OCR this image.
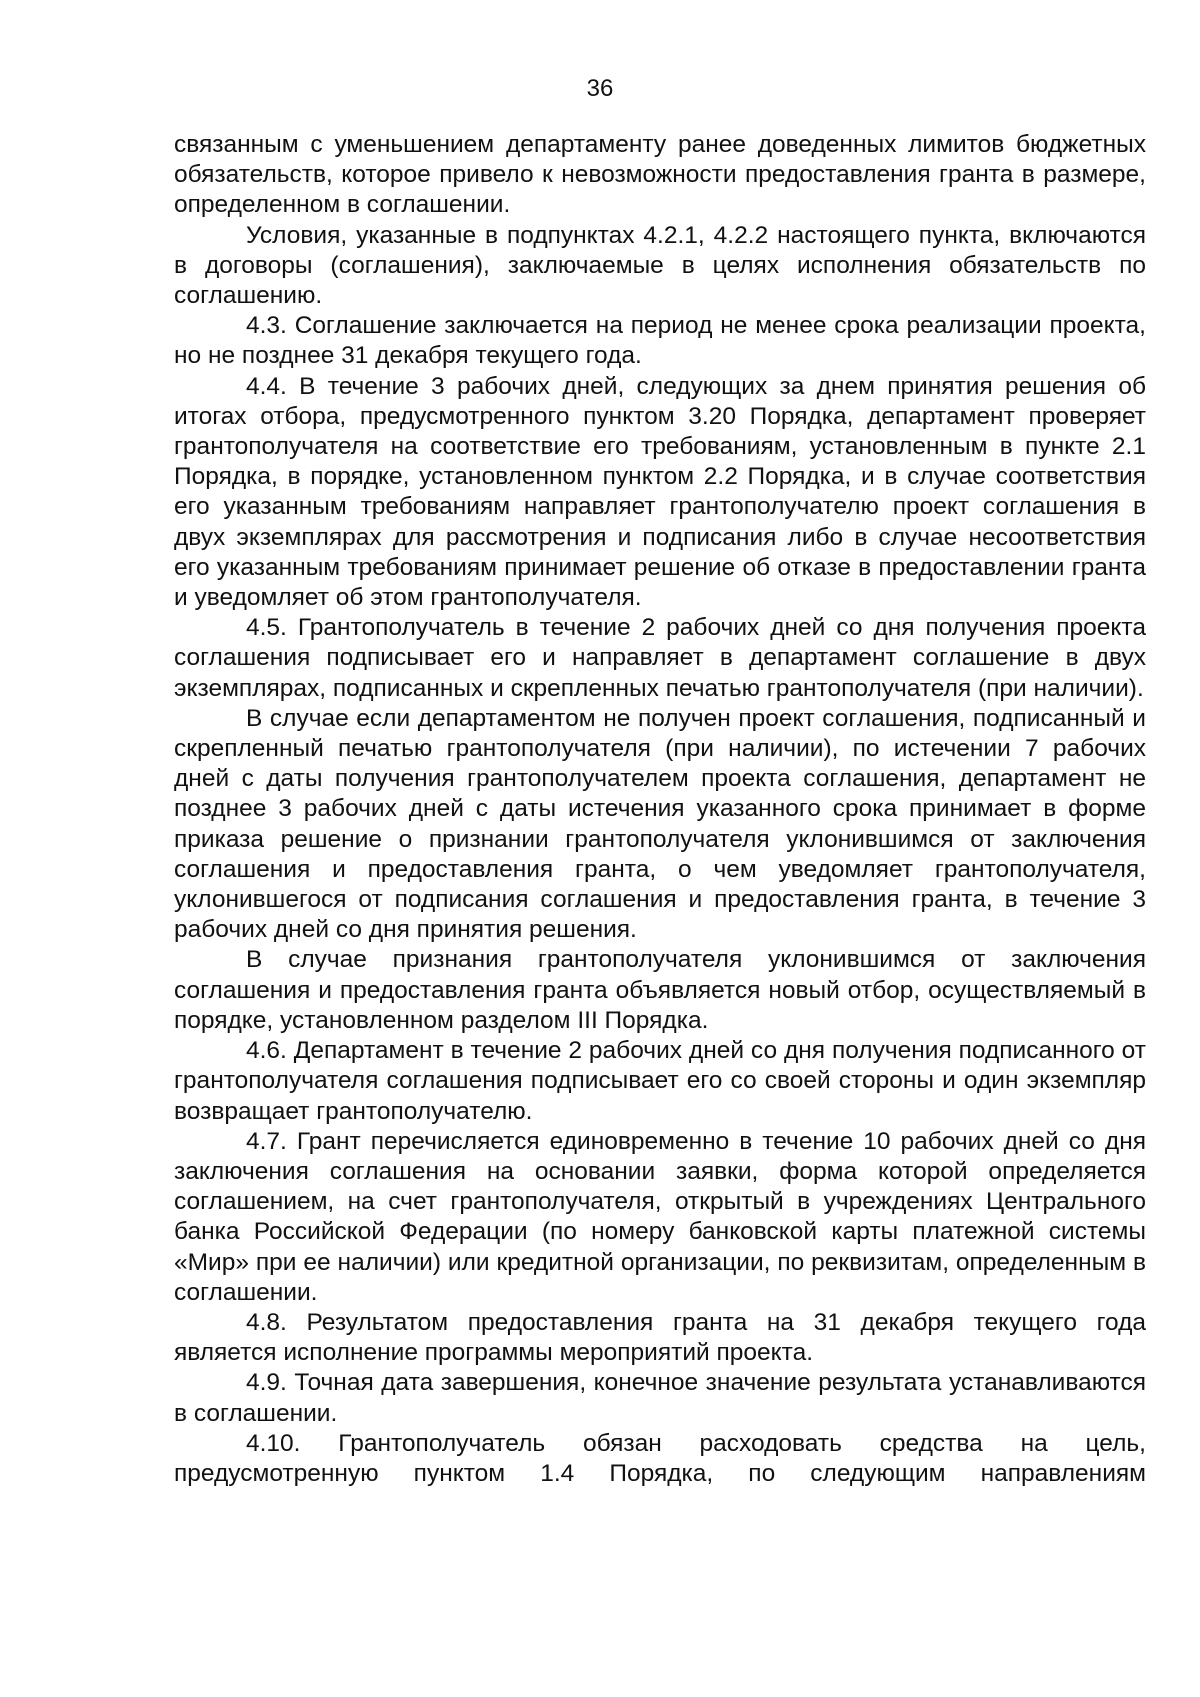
36

связанным с уменьшением департаменту ранее доведенных лимитов бюджетных обязательств, которое привело к невозможности предоставления гранта в размере, определенном в соглашении.

Условия, указанные в подпунктах 4.2.1, 4.2.2 настоящего пункта, включаются в договоры (соглашения), заключаемые в целях исполнения обязательств по соглашению.

4.3. Соглашение заключается на период не менее срока реализации проекта, но не позднее 31 декабря текущего года.

4.4. В течение 3 рабочих дней, следующих за днем принятия решения об итогах отбора, предусмотренного пунктом 3.20 Порядка, департамент проверяет грантополучателя на соответствие его требованиям, установленным в пункте 2.1 Порядка, в порядке, установленном пунктом 2.2 Порядка, и в случае соответствия его указанным требованиям направляет грантополучателю проект соглашения в двух экземплярах для рассмотрения и подписания либо в случае несоответствия его указанным требованиям принимает решение об отказе в предоставлении гранта и уведомляет об этом грантополучателя.

4.5. Грантополучатель в течение 2 рабочих дней со дня получения проекта соглашения подписывает его и направляет в департамент соглашение в двух экземплярах, подписанных и скрепленных печатью грантополучателя (при наличии).

В случае если департаментом не получен проект соглашения, подписанный и скрепленный печатью грантополучателя (при наличии), по истечении 7 рабочих дней с даты получения грантополучателем проекта соглашения, департамент не позднее 3 рабочих дней с даты истечения указанного срока принимает в форме приказа решение о признании грантополучателя уклонившимся от заключения соглашения и предоставления гранта, о чем уведомляет грантополучателя, уклонившегося от подписания соглашения и предоставления гранта, в течение 3 рабочих дней со дня принятия решения.

В случае признания грантополучателя уклонившимся от заключения соглашения и предоставления гранта объявляется новый отбор, осуществляемый в порядке, установленном разделом III Порядка.

4.6. Департамент в течение 2 рабочих дней со дня получения подписанного от грантополучателя соглашения подписывает его со своей стороны и один экземпляр возвращает грантополучателю.

4.7. Грант перечисляется единовременно в течение 10 рабочих дней со дня заключения соглашения на основании заявки, форма которой определяется соглашением, на счет грантополучателя, открытый в учреждениях Центрального банка Российской Федерации (по номеру банковской карты платежной системы «Мир» при ее наличии) или кредитной организации, по реквизитам, определенным в соглашении.

4.8. Результатом предоставления гранта на 31 декабря текущего года является исполнение программы мероприятий проекта.

4.9. Точная дата завершения, конечное значение результата устанавливаются в соглашении.

4.10. Грантополучатель обязан расходовать средства на цель, предусмотренную пунктом 1.4 Порядка, по следующим направлениям
